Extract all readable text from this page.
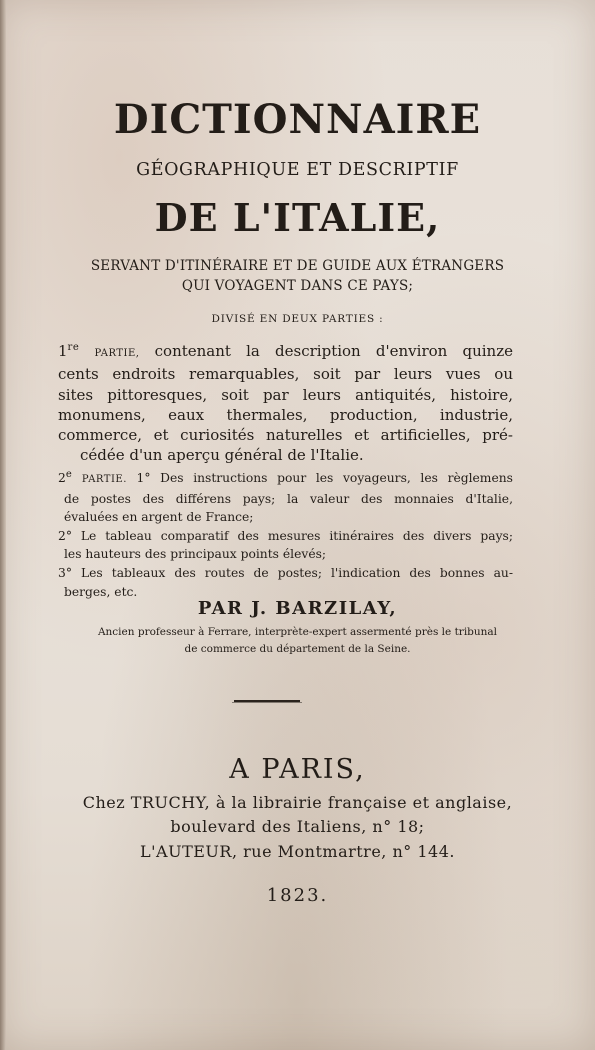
DICTIONNAIRE
GÉOGRAPHIQUE ET DESCRIPTIF
DE L'ITALIE,
SERVANT D'ITINÉRAIRE ET DE GUIDE AUX ÉTRANGERS
QUI VOYAGENT DANS CE PAYS;
DIVISÉ EN DEUX PARTIES :
1re PARTIE, contenant la description d'environ quinze
cents endroits remarquables, soit par leurs vues ou
sites pittoresques, soit par leurs antiquités, histoire,
monumens, eaux thermales, production, industrie,
commerce, et curiosités naturelles et artificielles, pré-
cédée d'un aperçu général de l'Italie.
2e PARTIE. 1° Des instructions pour les voyageurs, les règlemens
de postes des différens pays; la valeur des monnaies d'Italie,
évaluées en argent de France;
2° Le tableau comparatif des mesures itinéraires des divers pays;
les hauteurs des principaux points élevés;
3° Les tableaux des routes de postes; l'indication des bonnes au-
berges, etc.
PAR J. BARZILAY,
Ancien professeur à Ferrare, interprète-expert assermenté près le tribunal
de commerce du département de la Seine.
A PARIS,
Chez TRUCHY, à la librairie française et anglaise,
boulevard des Italiens, n° 18;
L'AUTEUR, rue Montmartre, n° 144.
1823.
